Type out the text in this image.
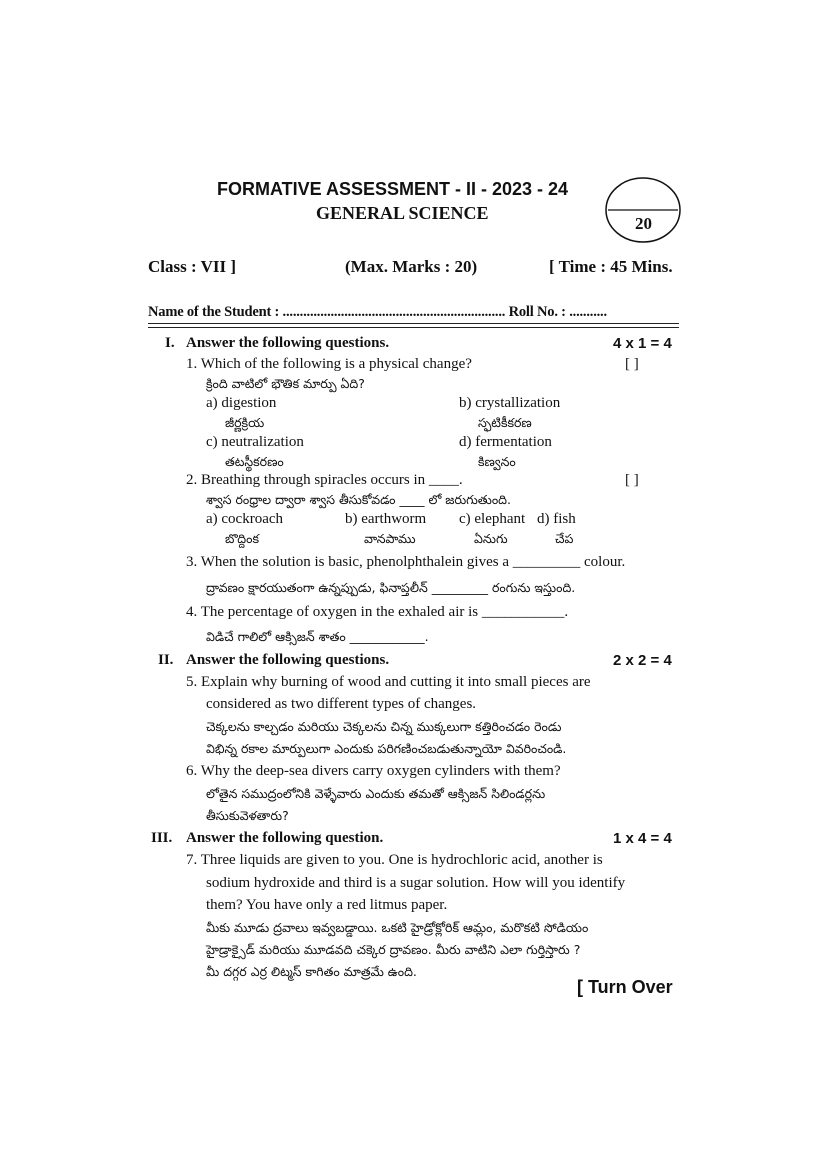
FORMATIVE ASSESSMENT - II - 2023 - 24
GENERAL SCIENCE
20
Class : VII ]	(Max. Marks : 20)	[ Time : 45 Mins.
Name of the Student : ................................................................. Roll No. : ...........
I. Answer the following questions.	4 x 1 = 4
1. Which of the following is a physical change?	[ ]
క్రింది వాటిలో భౌతిక మార్పు ఏది?
a) digestion	b) crystallization
జీర్ణక్రియ	స్ఫటికీకరణ
c) neutralization	d) fermentation
తటస్థీకరణం	కిణ్వనం
2. Breathing through spiracles occurs in ____.	[ ]
శ్వాస రంధ్రాల ద్వారా శ్వాస తీసుకోవడం ____ లో జరుగుతుంది.
a) cockroach	b) earthworm c) elephant d) fish
బొద్దింక	వానపాము	ఏనుగు	చేప
3. When the solution is basic, phenolphthalein gives a _________ colour.
ద్రావణం క్షారయుతంగా ఉన్నప్పుడు, ఫినాప్తలీన్ _________ రంగును ఇస్తుంది.
4. The percentage of oxygen in the exhaled air is ___________.
విడిచే గాలిలో ఆక్సిజన్ శాతం ____________.
II. Answer the following questions.	2 x 2 = 4
5. Explain why burning of wood and cutting it into small pieces are
considered as two different types of changes.
చెక్కలను కాల్చడం మరియు చెక్కలను చిన్న ముక్కలుగా కత్తిరించడం రెండు
విభిన్న రకాల మార్పులుగా ఎందుకు పరిగణించబడుతున్నాయో వివరించండి.
6. Why the deep-sea divers carry oxygen cylinders with them?
లోతైన సముద్రంలోనికి వెళ్ళేవారు ఎందుకు తమతో ఆక్సిజన్ సిలిండర్లను
తీసుకువెళతారు?
III. Answer the following question.	1 x 4 = 4
7. Three liquids are given to you. One is hydrochloric acid, another is
sodium hydroxide and third is a sugar solution. How will you identify
them? You have only a red litmus paper.
మీకు మూడు ద్రవాలు ఇవ్వబడ్డాయి. ఒకటి హైడ్రోక్లోరిక్ ఆమ్లం, మరొకటి సోడియం
హైడ్రాక్సైడ్ మరియు మూడవది చక్కెర ద్రావణం. మీరు వాటిని ఎలా గుర్తిస్తారు ?
మీ దగ్గర ఎర్ర లిట్మస్ కాగితం మాత్రమే ఉంది.
[ Turn Over
